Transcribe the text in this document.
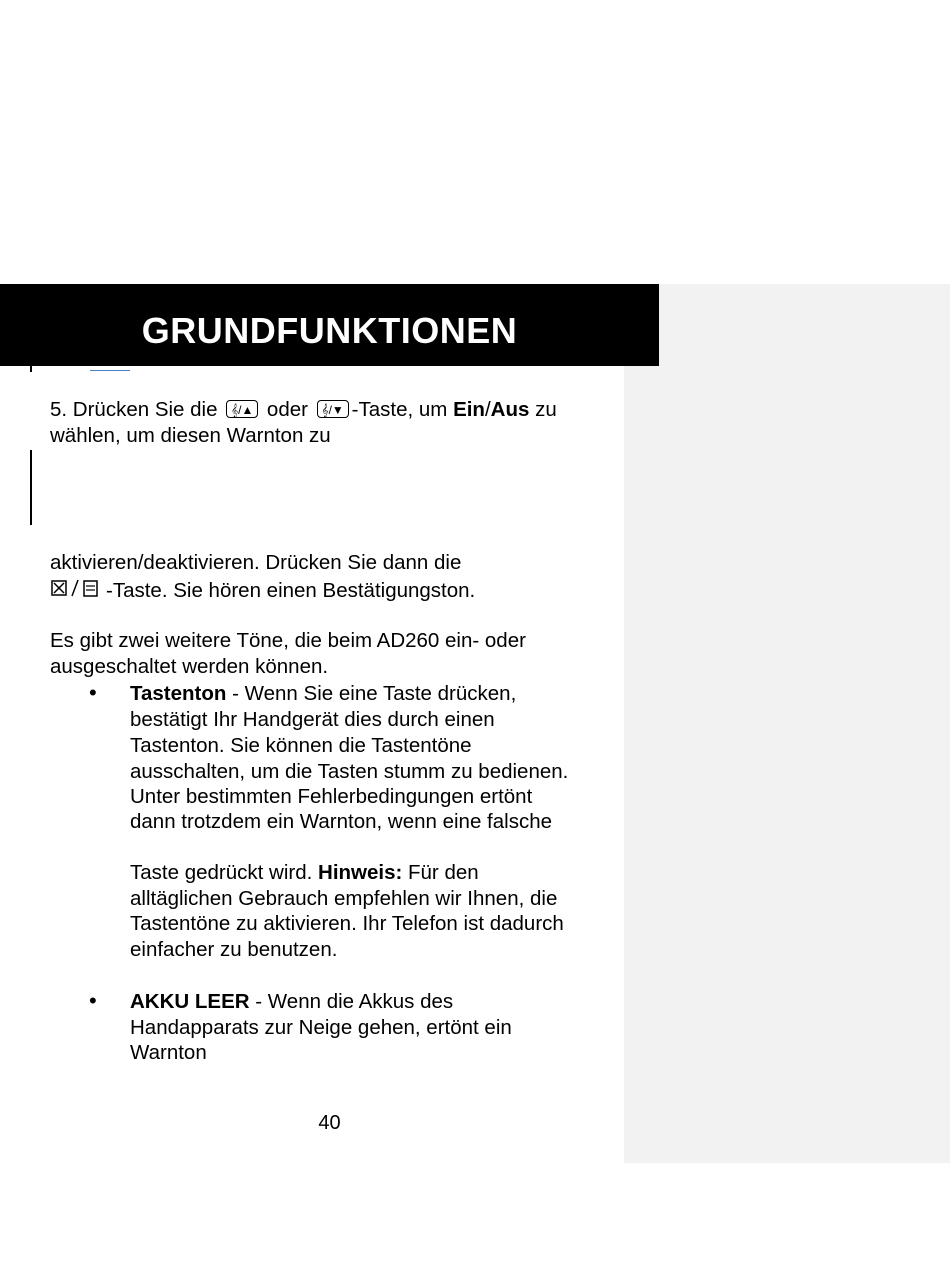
GRUNDFUNKTIONEN
5. Drücken Sie die 𝄞/▲ oder 𝄞/▼ -Taste, um Ein/Aus zu
wählen, um diesen Warnton zu
aktivieren/deaktivieren. Drücken Sie dann die
-Taste. Sie hören einen Bestätigungston.
Es gibt zwei weitere Töne, die beim AD260 ein- oder
ausgeschaltet werden können.
• Tastenton - Wenn Sie eine Taste drücken,
bestätigt Ihr Handgerät dies durch einen
Tastenton. Sie können die Tastentöne
ausschalten, um die Tasten stumm zu bedienen.
Unter bestimmten Fehlerbedingungen ertönt
dann trotzdem ein Warnton, wenn eine falsche
Taste gedrückt wird. Hinweis: Für den
alltäglichen Gebrauch empfehlen wir Ihnen, die
Tastentöne zu aktivieren. Ihr Telefon ist dadurch
einfacher zu benutzen.
• AKKU LEER - Wenn die Akkus des
Handapparats zur Neige gehen, ertönt ein
Warnton
40
